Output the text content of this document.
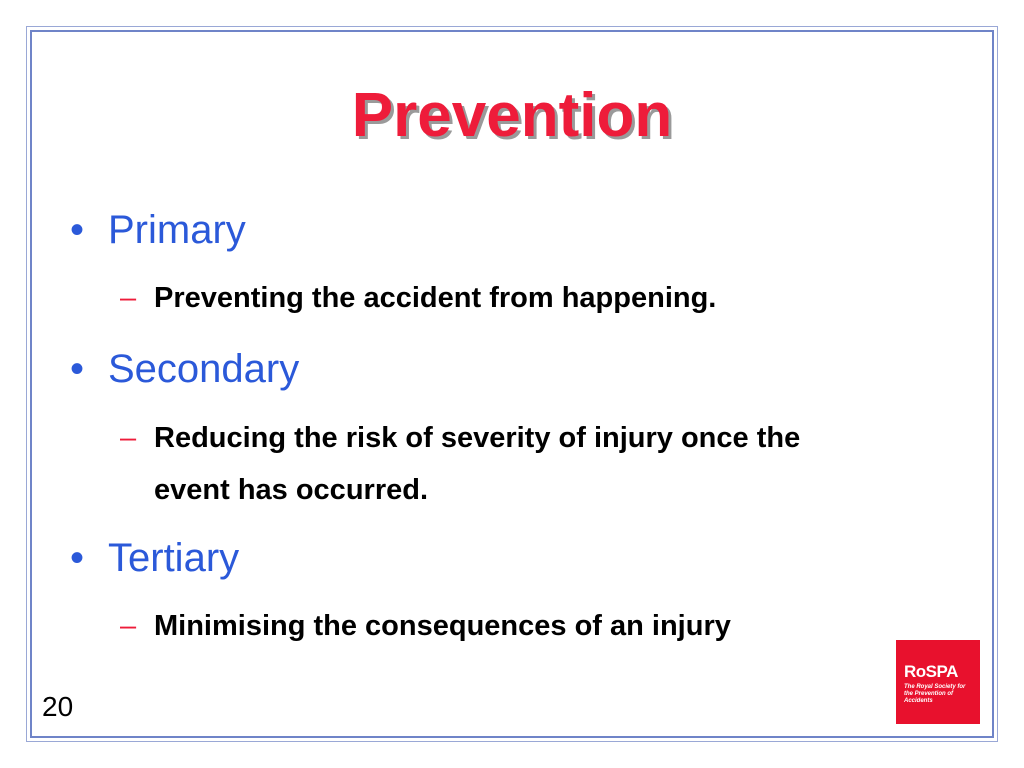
Prevention
• Primary
– Preventing the accident from happening.
• Secondary
– Reducing the risk of severity of injury once the
event has occurred.
• Tertiary
– Minimising the consequences of an injury
20
RoSPA
The Royal Society for the Prevention of Accidents
